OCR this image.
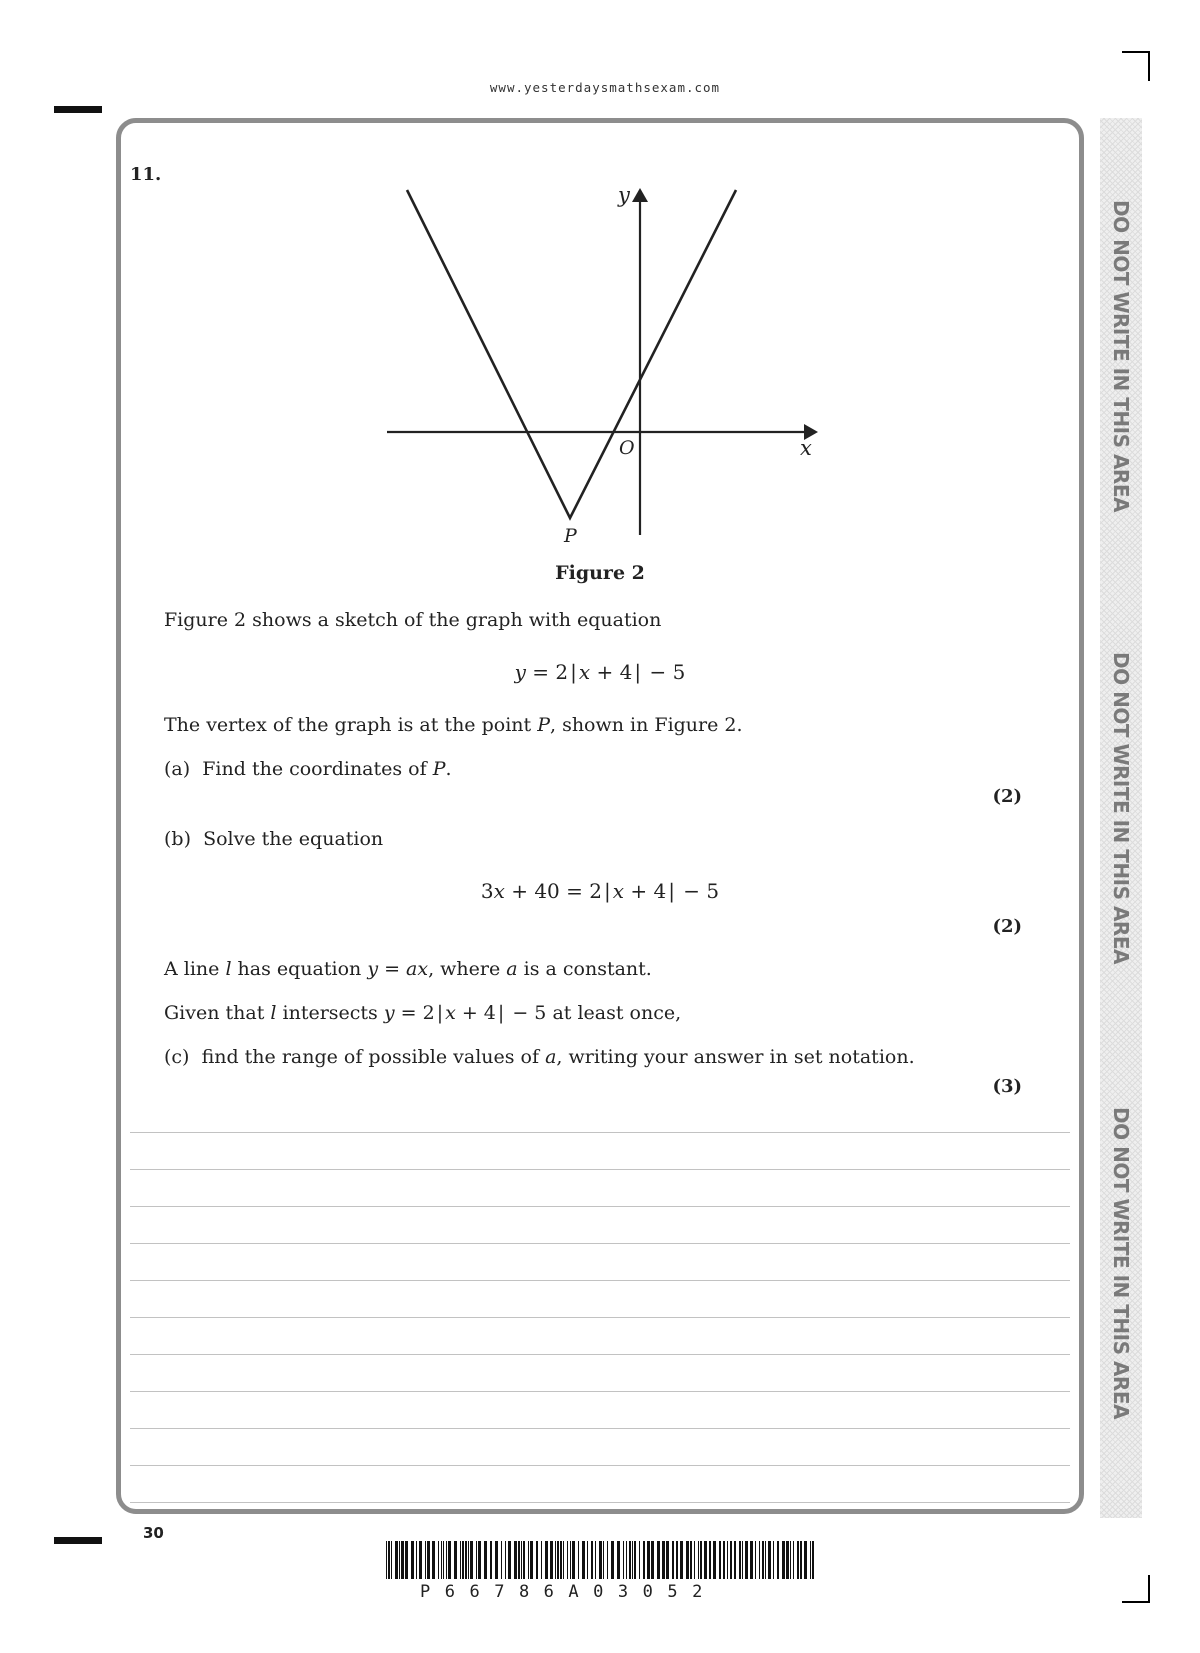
www.yesterdaysmathsexam.com
DO NOT WRITE IN THIS AREA
DO NOT WRITE IN THIS AREA
DO NOT WRITE IN THIS AREA
11.
y
x
O
P
Figure 2
Figure 2 shows a sketch of the graph with equation
y = 2 | x + 4 | − 5
The vertex of the graph is at the point P, shown in Figure 2.
(a) Find the coordinates of P.
(2)
(b) Solve the equation
3x + 40 = 2 | x + 4 | − 5
(2)
A line l has equation y = ax, where a is a constant.
Given that l intersects y = 2 | x + 4 | − 5 at least once,
(c) find the range of possible values of a, writing your answer in set notation.
(3)
30
P66786A03052
